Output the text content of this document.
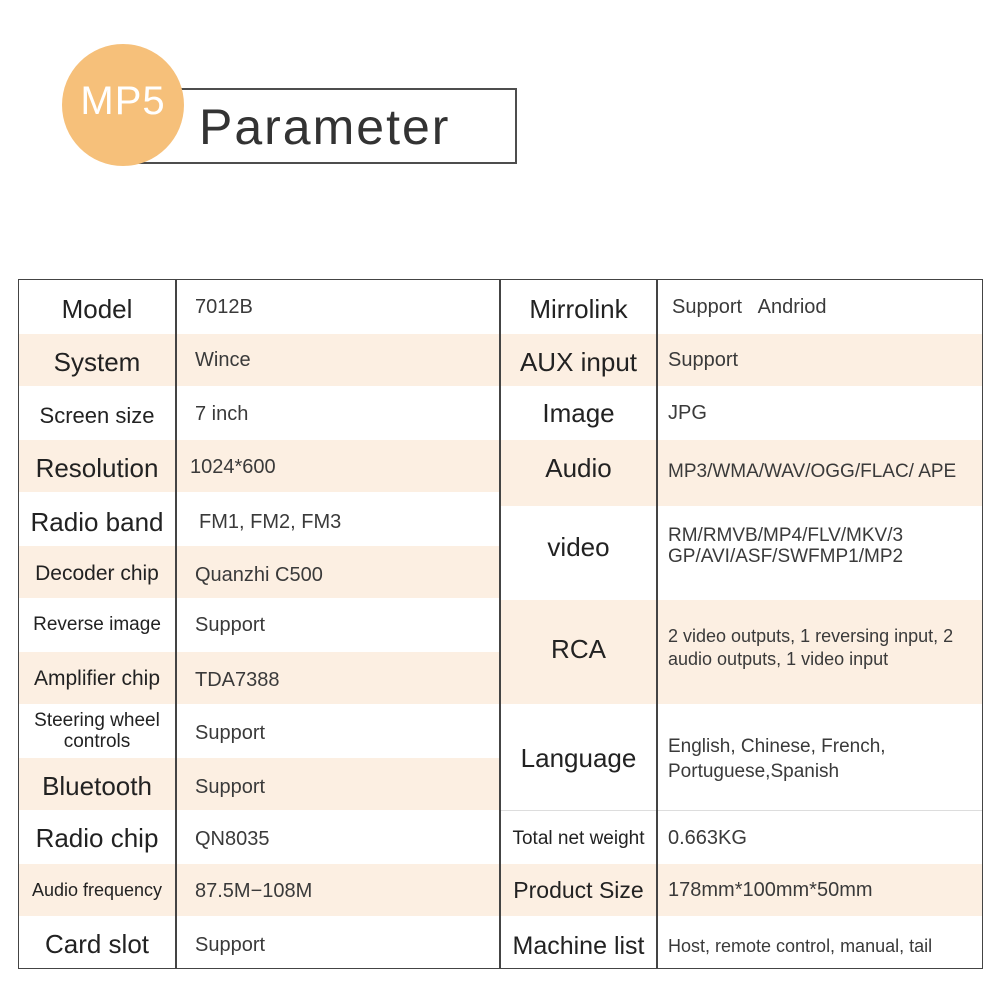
MP5 Parameter
Model
System
Screen size
Resolution
Radio band
Decoder chip
Reverse image
Amplifier chip
Steering wheel controls
Bluetooth
Radio chip
Audio frequency
Card slot
7012B
Wince
7 inch
1024*600
FM1, FM2, FM3
Quanzhi C500
Support
TDA7388
Support
Support
QN8035
87.5M−108M
Support
Mirrolink
AUX input
Image
Audio
video
RCA
Language
Total net weight
Product Size
Machine list
Support   Andriod
Support
JPG
MP3/WMA/WAV/OGG/FLAC/ APE
RM/RMVB/MP4/FLV/MKV/3 GP/AVI/ASF/SWFMP1/MP2
2 video outputs, 1 reversing input, 2 audio outputs, 1 video input
English, Chinese, French, Portuguese,Spanish
0.663KG
178mm*100mm*50mm
Host, remote control, manual, tail
